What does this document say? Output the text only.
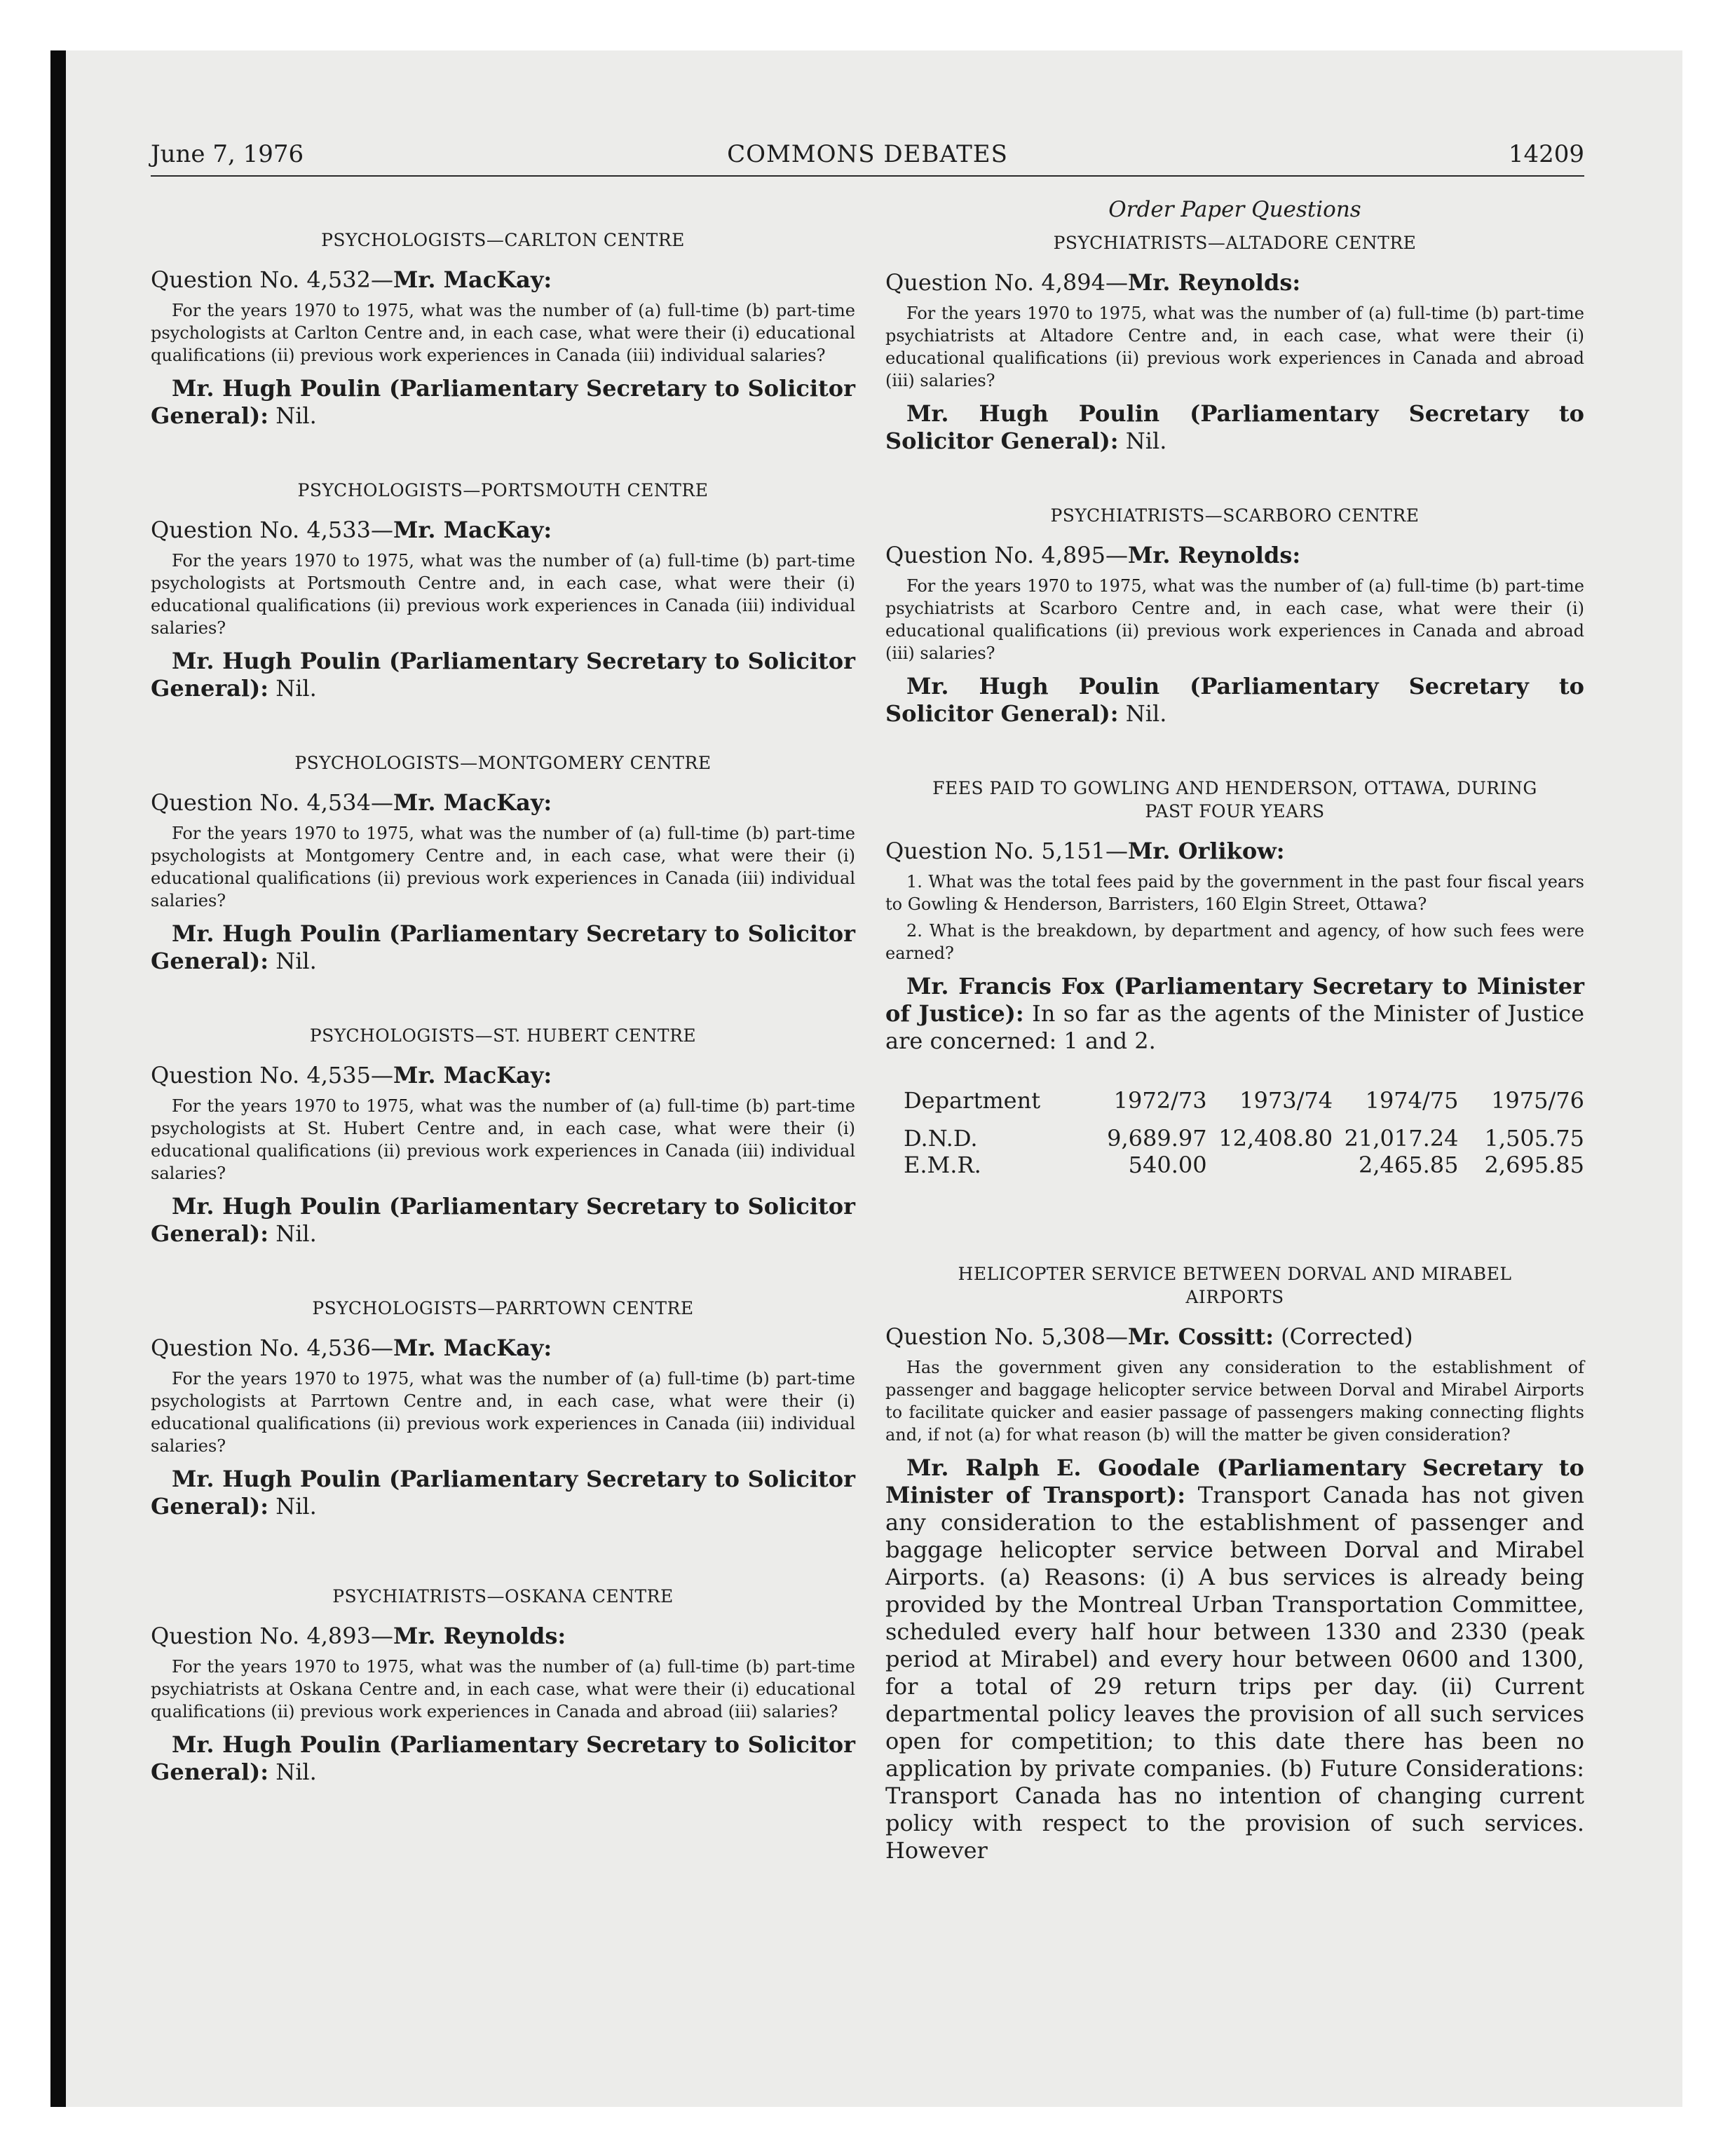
June 7, 1976	COMMONS DEBATES	14209
PSYCHOLOGISTS—CARLTON CENTRE
Question No. 4,532—Mr. MacKay:

For the years 1970 to 1975, what was the number of (a) full-time (b) part-time psychologists at Carlton Centre and, in each case, what were their (i) educational qualifications (ii) previous work experiences in Canada (iii) individual salaries?

Mr. Hugh Poulin (Parliamentary Secretary to Solicitor General): Nil.

PSYCHOLOGISTS—PORTSMOUTH CENTRE
Question No. 4,533—Mr. MacKay:

For the years 1970 to 1975, what was the number of (a) full-time (b) part-time psychologists at Portsmouth Centre and, in each case, what were their (i) educational qualifications (ii) previous work experiences in Canada (iii) individual salaries?

Mr. Hugh Poulin (Parliamentary Secretary to Solicitor General): Nil.

PSYCHOLOGISTS—MONTGOMERY CENTRE
Question No. 4,534—Mr. MacKay:

For the years 1970 to 1975, what was the number of (a) full-time (b) part-time psychologists at Montgomery Centre and, in each case, what were their (i) educational qualifications (ii) previous work experiences in Canada (iii) individual salaries?

Mr. Hugh Poulin (Parliamentary Secretary to Solicitor General): Nil.

PSYCHOLOGISTS—ST. HUBERT CENTRE
Question No. 4,535—Mr. MacKay:

For the years 1970 to 1975, what was the number of (a) full-time (b) part-time psychologists at St. Hubert Centre and, in each case, what were their (i) educational qualifications (ii) previous work experiences in Canada (iii) individual salaries?

Mr. Hugh Poulin (Parliamentary Secretary to Solicitor General): Nil.

PSYCHOLOGISTS—PARRTOWN CENTRE
Question No. 4,536—Mr. MacKay:

For the years 1970 to 1975, what was the number of (a) full-time (b) part-time psychologists at Parrtown Centre and, in each case, what were their (i) educational qualifications (ii) previous work experiences in Canada (iii) individual salaries?

Mr. Hugh Poulin (Parliamentary Secretary to Solicitor General): Nil.

PSYCHIATRISTS—OSKANA CENTRE
Question No. 4,893—Mr. Reynolds:

For the years 1970 to 1975, what was the number of (a) full-time (b) part-time psychiatrists at Oskana Centre and, in each case, what were their (i) educational qualifications (ii) previous work experiences in Canada and abroad (iii) salaries?

Mr. Hugh Poulin (Parliamentary Secretary to Solicitor General): Nil.

Order Paper Questions
PSYCHIATRISTS—ALTADORE CENTRE
Question No. 4,894—Mr. Reynolds:

For the years 1970 to 1975, what was the number of (a) full-time (b) part-time psychiatrists at Altadore Centre and, in each case, what were their (i) educational qualifications (ii) previous work experiences in Canada and abroad (iii) salaries?

Mr. Hugh Poulin (Parliamentary Secretary to Solicitor General): Nil.

PSYCHIATRISTS—SCARBORO CENTRE
Question No. 4,895—Mr. Reynolds:

For the years 1970 to 1975, what was the number of (a) full-time (b) part-time psychiatrists at Scarboro Centre and, in each case, what were their (i) educational qualifications (ii) previous work experiences in Canada and abroad (iii) salaries?

Mr. Hugh Poulin (Parliamentary Secretary to Solicitor General): Nil.

FEES PAID TO GOWLING AND HENDERSON, OTTAWA, DURING
PAST FOUR YEARS
Question No. 5,151—Mr. Orlikow:

1. What was the total fees paid by the government in the past four fiscal years to Gowling & Henderson, Barristers, 160 Elgin Street, Ottawa?

2. What is the breakdown, by department and agency, of how such fees were earned?

Mr. Francis Fox (Parliamentary Secretary to Minister of Justice): In so far as the agents of the Minister of Justice are concerned: 1 and 2.

Department	1972/73	1973/74	1974/75	1975/76
D.N.D.	9,689.97	12,408.80	21,017.24	1,505.75
E.M.R.	540.00		2,465.85	2,695.85
HELICOPTER SERVICE BETWEEN DORVAL AND MIRABEL
AIRPORTS
Question No. 5,308—Mr. Cossitt: (Corrected)

Has the government given any consideration to the establishment of passenger and baggage helicopter service between Dorval and Mirabel Airports to facilitate quicker and easier passage of passengers making connecting flights and, if not (a) for what reason (b) will the matter be given consideration?

Mr. Ralph E. Goodale (Parliamentary Secretary to Minister of Transport): Transport Canada has not given any consideration to the establishment of passenger and baggage helicopter service between Dorval and Mirabel Airports. (a) Reasons: (i) A bus services is already being provided by the Montreal Urban Transportation Committee, scheduled every half hour between 1330 and 2330 (peak period at Mirabel) and every hour between 0600 and 1300, for a total of 29 return trips per day. (ii) Current departmental policy leaves the provision of all such services open for competition; to this date there has been no application by private companies. (b) Future Considerations: Transport Canada has no intention of changing current policy with respect to the provision of such services. However
